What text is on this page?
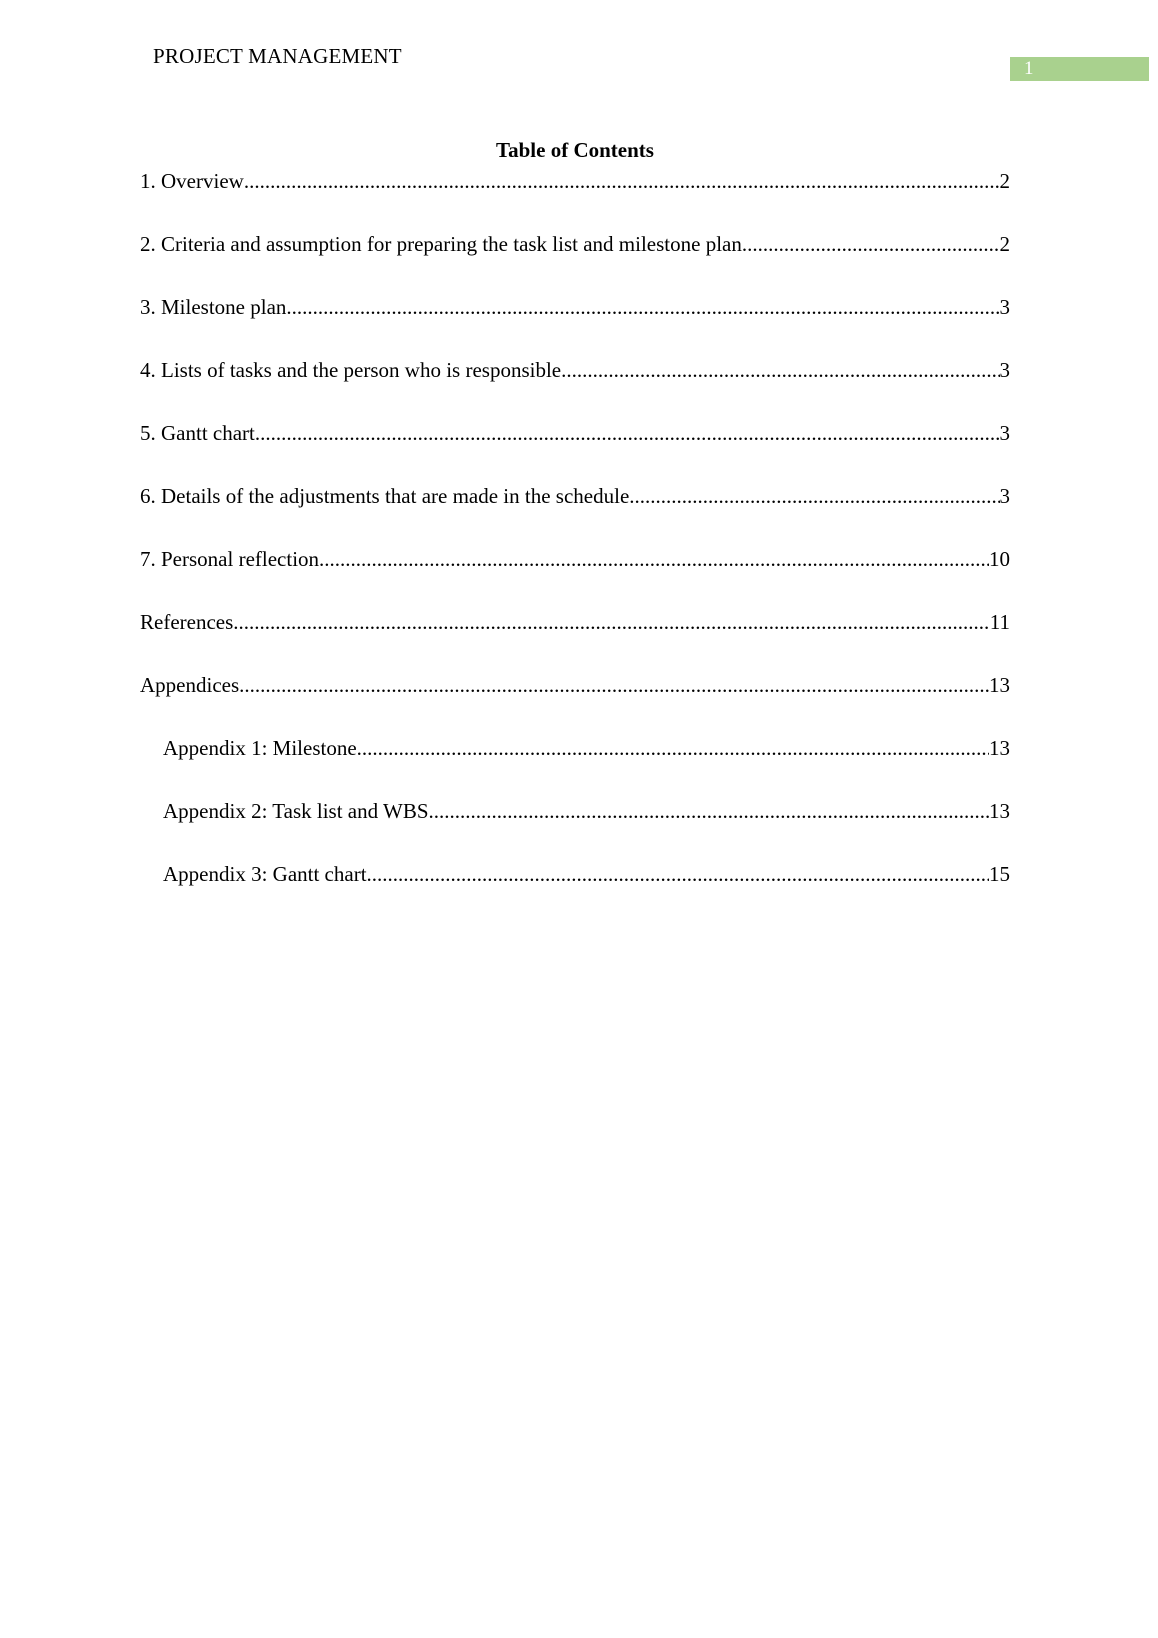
PROJECT MANAGEMENT
1
Table of Contents
1. Overview .....	2
2. Criteria and assumption for preparing the task list and milestone plan .....	2
3. Milestone plan .....	3
4. Lists of tasks and the person who is responsible .....	3
5. Gantt chart .....	3
6. Details of the adjustments that are made in the schedule .....	3
7. Personal reflection .....	10
References .....	11
Appendices .....	13
Appendix 1: Milestone .....	13
Appendix 2: Task list and WBS .....	13
Appendix 3: Gantt chart .....	15
